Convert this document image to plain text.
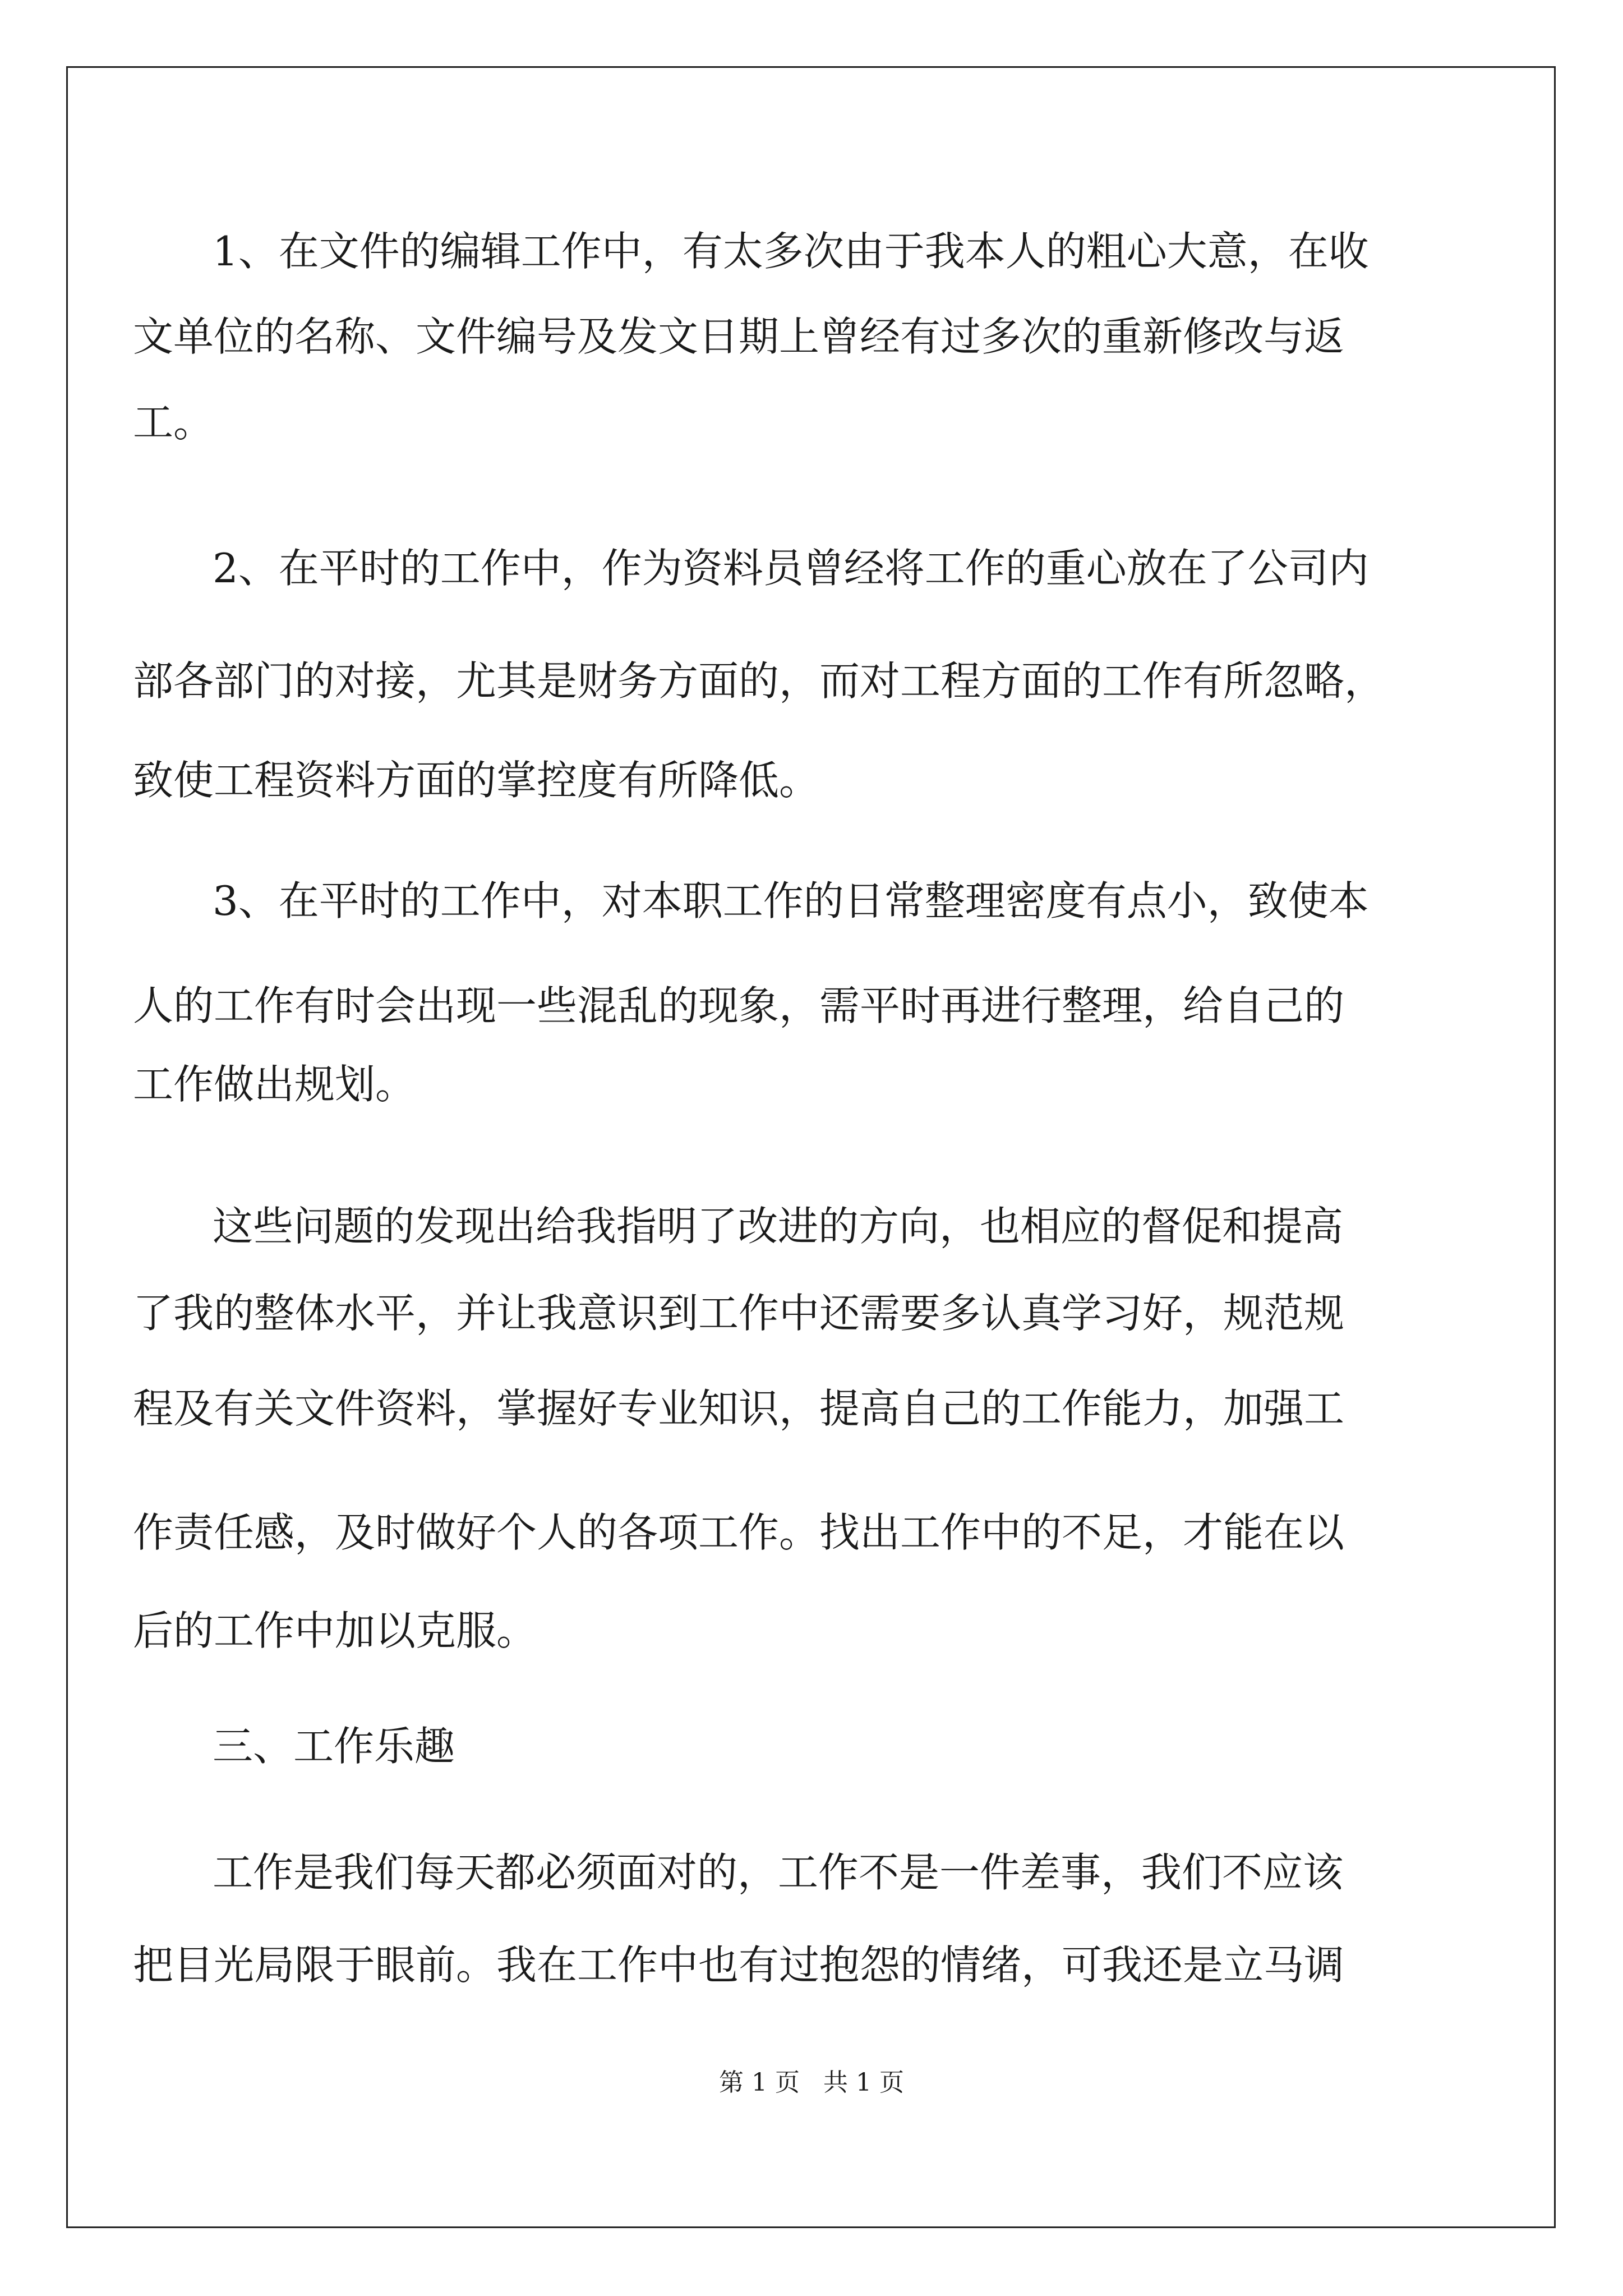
1、在文件的编辑工作中，有太多次由于我本人的粗心大意，在收
文单位的名称、文件编号及发文日期上曾经有过多次的重新修改与返
工。
2、在平时的工作中，作为资料员曾经将工作的重心放在了公司内
部各部门的对接，尤其是财务方面的，而对工程方面的工作有所忽略，
致使工程资料方面的掌控度有所降低。
3、在平时的工作中，对本职工作的日常整理密度有点小，致使本
人的工作有时会出现一些混乱的现象，需平时再进行整理，给自己的
工作做出规划。
这些问题的发现出给我指明了改进的方向，也相应的督促和提高
了我的整体水平，并让我意识到工作中还需要多认真学习好，规范规
程及有关文件资料，掌握好专业知识，提高自己的工作能力，加强工
作责任感，及时做好个人的各项工作。找出工作中的不足，才能在以
后的工作中加以克服。
三、工作乐趣
工作是我们每天都必须面对的，工作不是一件差事，我们不应该
把目光局限于眼前。我在工作中也有过抱怨的情绪，可我还是立马调
第 1 页   共 1 页
